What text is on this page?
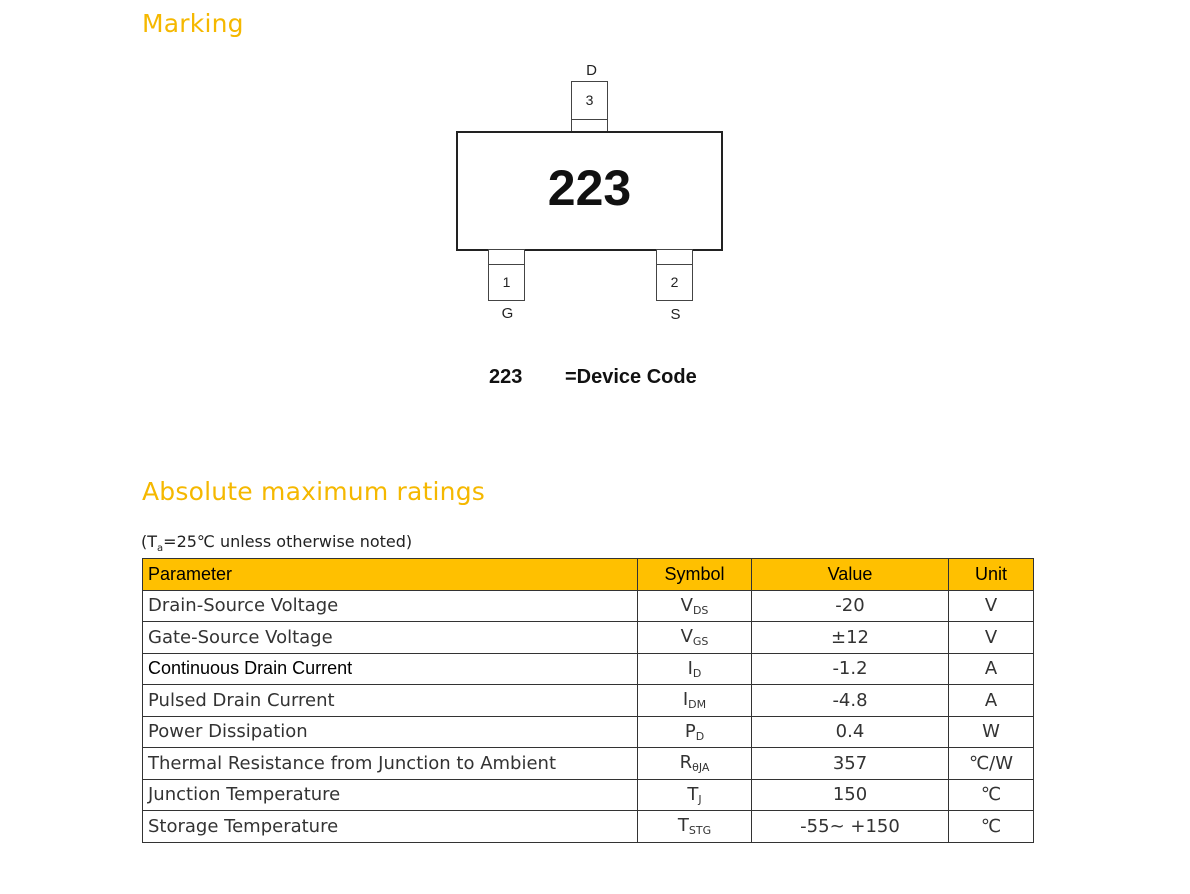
Marking
D
3
223
1
G
2
S
223 =Device Code
Absolute maximum ratings
($T_a=25℃$ unless otherwise noted)
Parameter	Symbol	Value	Unit
Drain-Source Voltage	VDS	-20	V
Gate-Source Voltage	VGS	±12	V
Continuous Drain Current	ID	-1.2	A
Pulsed Drain Current	IDM	-4.8	A
Power Dissipation	PD	0.4	W
Thermal Resistance from Junction to Ambient	RθJA	357	℃/W
Junction Temperature	TJ	150	℃
Storage Temperature	TSTG	-55~ +150	℃
